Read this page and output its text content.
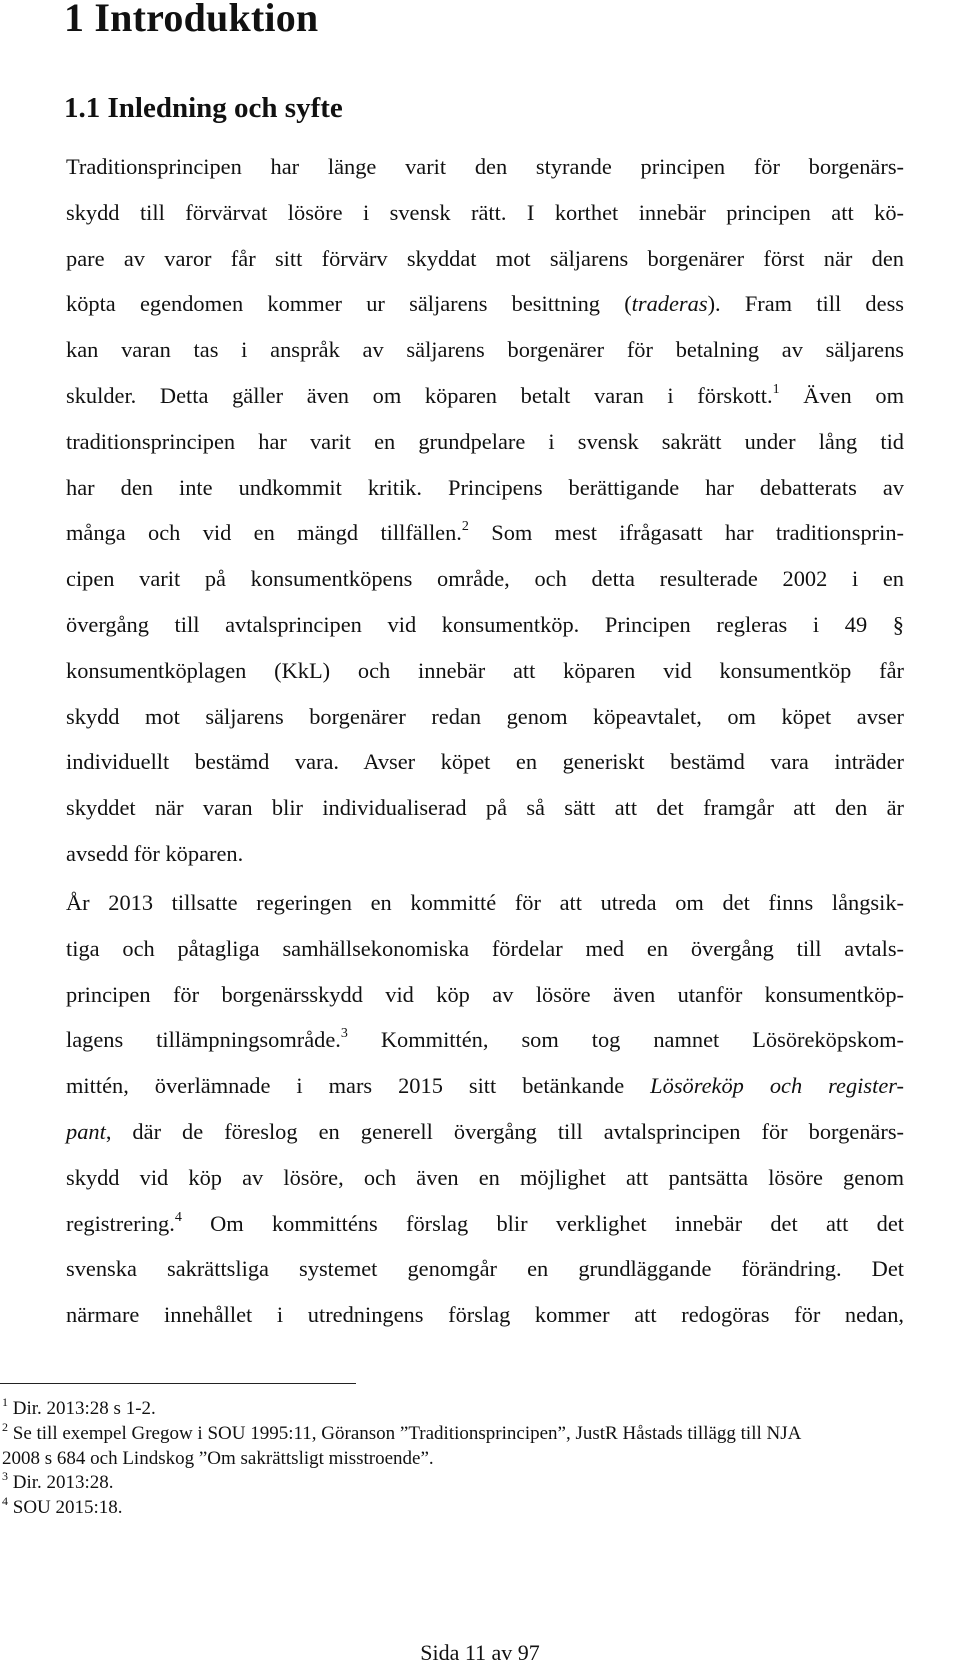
1 Introduktion
1.1 Inledning och syfte
Traditionsprincipen har länge varit den styrande principen för borgenärs-
skydd till förvärvat lösöre i svensk rätt. I korthet innebär principen att kö-
pare av varor får sitt förvärv skyddat mot säljarens borgenärer först när den
köpta egendomen kommer ur säljarens besittning (traderas). Fram till dess
kan varan tas i anspråk av säljarens borgenärer för betalning av säljarens
skulder. Detta gäller även om köparen betalt varan i förskott.$^1$ Även om
traditionsprincipen har varit en grundpelare i svensk sakrätt under lång tid
har den inte undkommit kritik. Principens berättigande har debatterats av
många och vid en mängd tillfällen.$^2$ Som mest ifrågasatt har traditionsprin-
cipen varit på konsumentköpens område, och detta resulterade 2002 i en
övergång till avtalsprincipen vid konsumentköp. Principen regleras i 49 §
konsumentköplagen (KkL) och innebär att köparen vid konsumentköp får
skydd mot säljarens borgenärer redan genom köpeavtalet, om köpet avser
individuellt bestämd vara. Avser köpet en generiskt bestämd vara inträder
skyddet när varan blir individualiserad på så sätt att det framgår att den är
avsedd för köparen.
År 2013 tillsatte regeringen en kommitté för att utreda om det finns långsik-
tiga och påtagliga samhällsekonomiska fördelar med en övergång till avtals-
principen för borgenärsskydd vid köp av lösöre även utanför konsumentköp-
lagens tillämpningsområde.$^3$ Kommittén, som tog namnet Lösöreköpskom-
mittén, överlämnade i mars 2015 sitt betänkande Lösöreköp och register-
pant, där de föreslog en generell övergång till avtalsprincipen för borgenärs-
skydd vid köp av lösöre, och även en möjlighet att pantsätta lösöre genom
registrering.$^4$ Om kommitténs förslag blir verklighet innebär det att det
svenska sakrättsliga systemet genomgår en grundläggande förändring. Det
närmare innehållet i utredningens förslag kommer att redogöras för nedan,

$^1$ Dir. 2013:28 s 1-2.

$^2$ Se till exempel Gregow i SOU 1995:11, Göranson ”Traditionsprincipen”, JustR Håstads tillägg till NJA
2008 s 684 och Lindskog ”Om sakrättsligt misstroende”.

$^3$ Dir. 2013:28.

$^4$ SOU 2015:18.

Sida 11 av 97
